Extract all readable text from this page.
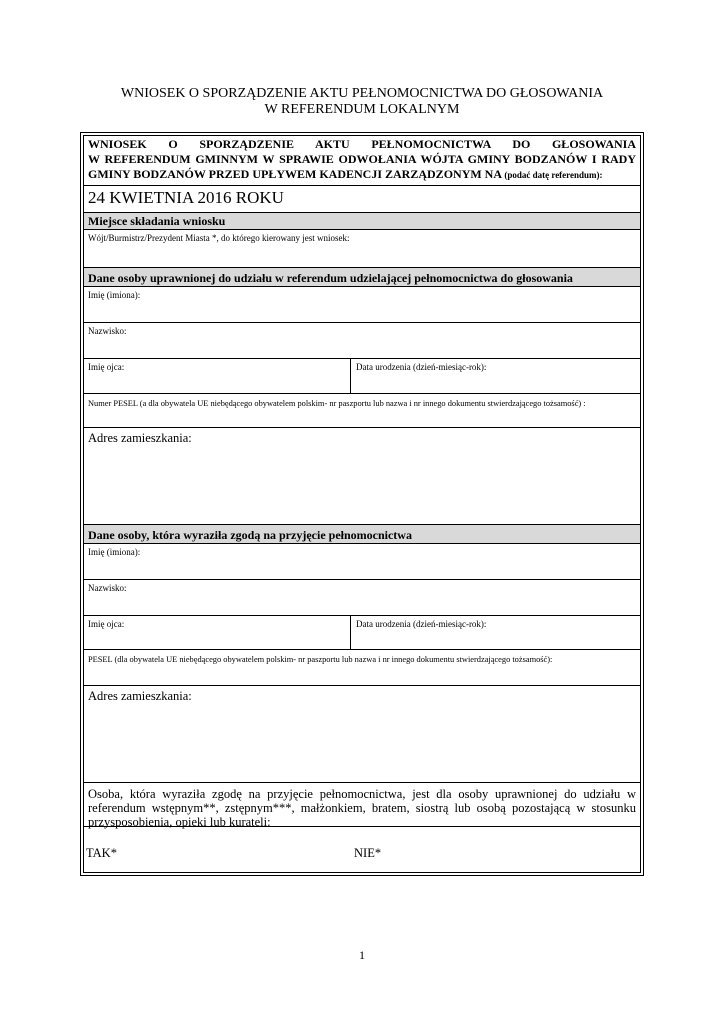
WNIOSEK O SPORZĄDZENIE AKTU PEŁNOMOCNICTWA DO GŁOSOWANIA
W REFERENDUM LOKALNYM
WNIOSEK O SPORZĄDZENIE AKTU PEŁNOMOCNICTWA DO GŁOSOWANIA
W REFERENDUM GMINNYM W SPRAWIE ODWOŁANIA WÓJTA GMINY BODZANÓW I RADY
GMINY BODZANÓW PRZED UPŁYWEM KADENCJI ZARZĄDZONYM NA (podać datę referendum):
24 KWIETNIA 2016 ROKU
Miejsce składania wniosku
Wójt/Burmistrz/Prezydent Miasta *, do którego kierowany jest wniosek:
Dane osoby uprawnionej do udziału w referendum udzielającej pełnomocnictwa do głosowania
Imię (imiona):
Nazwisko:
Imię ojca:	Data urodzenia (dzień-miesiąc-rok):
Numer PESEL (a dla obywatela UE niebędącego obywatelem polskim- nr paszportu lub nazwa i nr innego dokumentu stwierdzającego tożsamość) :
Adres zamieszkania:
Dane osoby, która wyraziła zgodą na przyjęcie pełnomocnictwa
Imię (imiona):
Nazwisko:
Imię ojca:	Data urodzenia (dzień-miesiąc-rok):
PESEL (dla obywatela UE niebędącego obywatelem polskim- nr paszportu lub nazwa i nr innego dokumentu stwierdzającego tożsamość):
Adres zamieszkania:
Osoba, która wyraziła zgodę na przyjęcie pełnomocnictwa, jest dla osoby uprawnionej do udziału w referendum wstępnym**, zstępnym***, małżonkiem, bratem, siostrą lub osobą pozostającą w stosunku przysposobienia, opieki lub kurateli:
TAK*	NIE*
1
